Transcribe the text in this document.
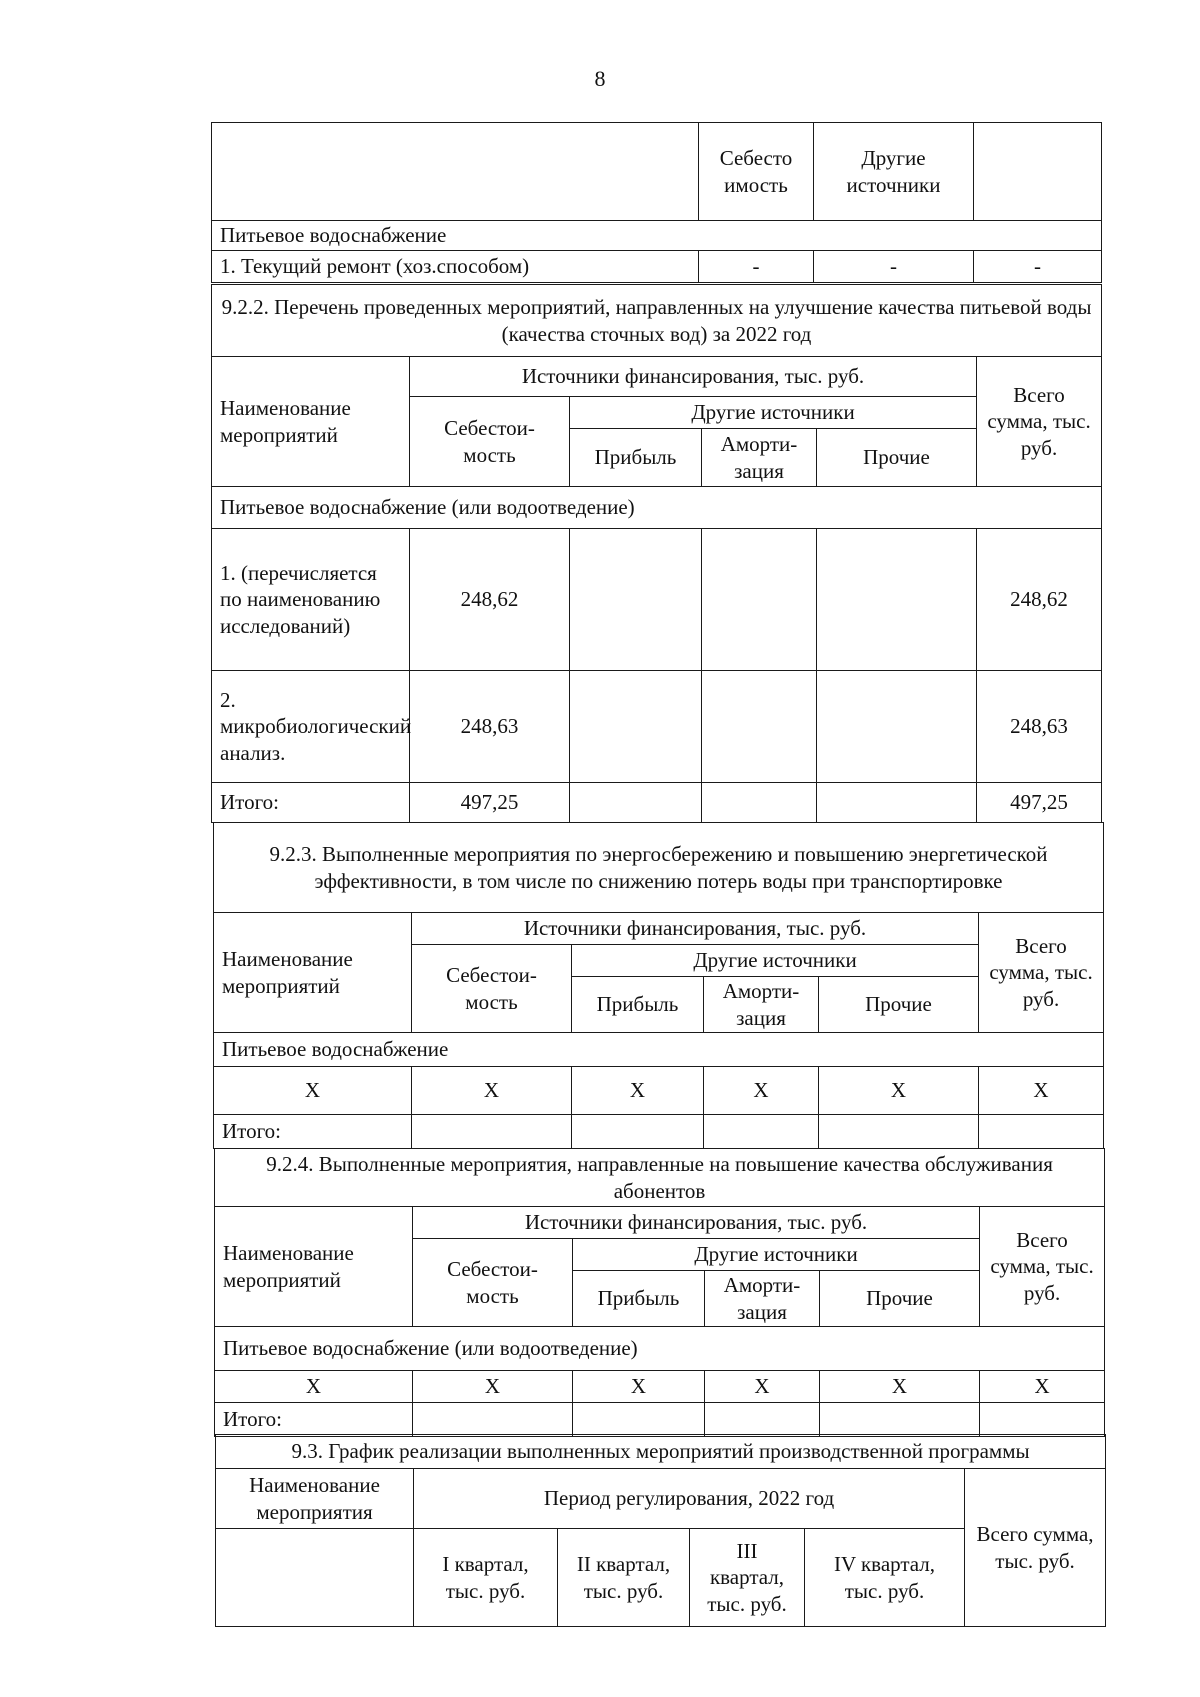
8
	Себесто имость	Другие источники	
Питьевое водоснабжение			
1. Текущий ремонт (хоз.способом)	-	-	-
9.2.2. Перечень проведенных мероприятий, направленных на улучшение качества питьевой воды (качества сточных вод) за 2022 год					
Наименование мероприятий	Источники финансирования, тыс. руб.				Всего сумма, тыс. руб.
	Себестои-мость	Другие источники			
		Прибыль	Аморти-зация	Прочие	
Питьевое водоснабжение (или водоотведение)					
1. (перечисляется по наименованию исследований)	248,62				248,62
2. микробиологический анализ.	248,63				248,63
Итого:	497,25				497,25
9.2.3. Выполненные мероприятия по энергосбережению и повышению энергетической эффективности, в том числе по снижению потерь воды при транспортировке					
Наименование мероприятий	Источники финансирования, тыс. руб.				Всего сумма, тыс. руб.
	Себестои-мость	Другие источники			
		Прибыль	Аморти-зация	Прочие	
Питьевое водоснабжение					
Х	Х	Х	Х	Х	Х
Итого:					
9.2.4. Выполненные мероприятия, направленные на повышение качества обслуживания абонентов					
Наименование мероприятий	Источники финансирования, тыс. руб.				Всего сумма, тыс. руб.
	Себестои-мость	Другие источники			
		Прибыль	Аморти-зация	Прочие	
Питьевое водоснабжение (или водоотведение)					
Х	Х	Х	Х	Х	Х
Итого:					
9.3. График реализации выполненных мероприятий производственной программы					
Наименование мероприятия	Период регулирования, 2022 год				Всего сумма, тыс. руб.
	I квартал, тыс. руб.	II квартал, тыс. руб.	III квартал, тыс. руб.	IV квартал, тыс. руб.	
